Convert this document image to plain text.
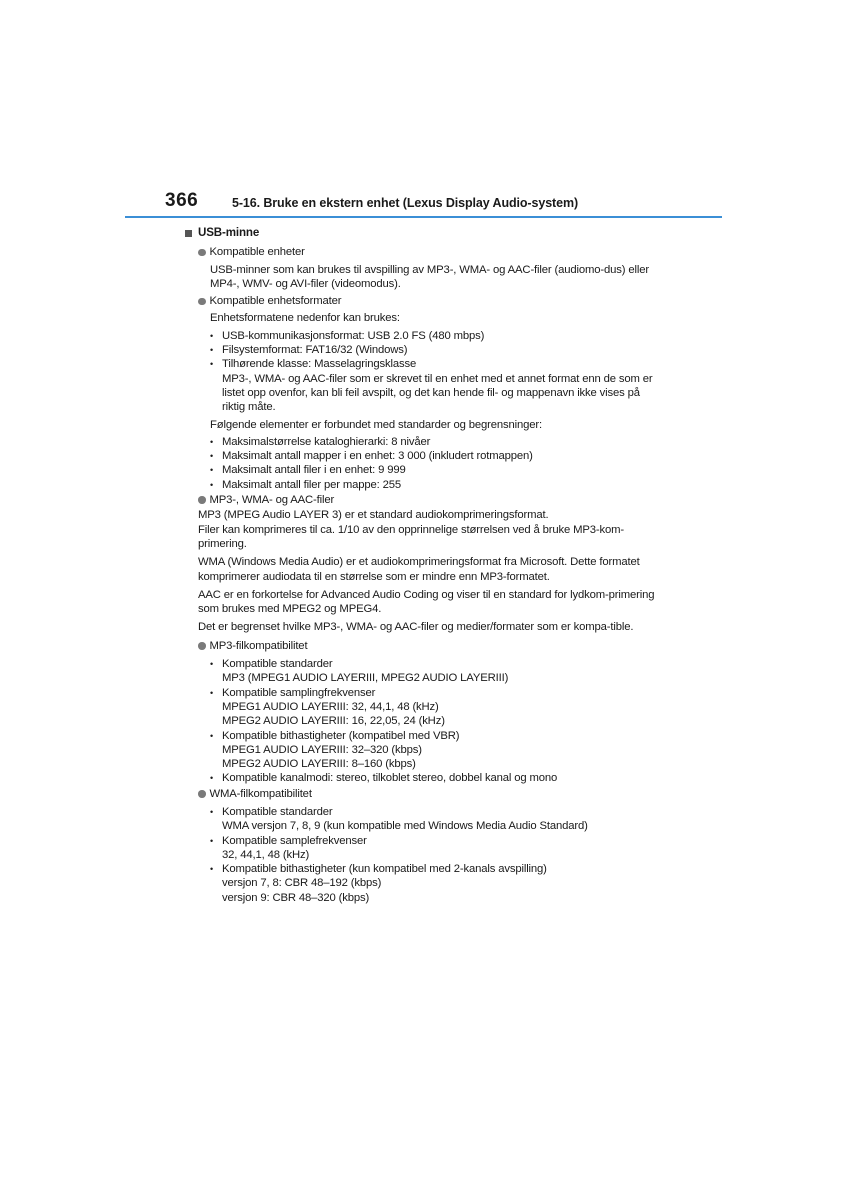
366	5-16. Bruke en ekstern enhet (Lexus Display Audio-system)
USB-minne
Kompatible enheter
USB-minner som kan brukes til avspilling av MP3-, WMA- og AAC-filer (audiomo-dus) eller MP4-, WMV- og AVI-filer (videomodus).
Kompatible enhetsformater
Enhetsformatene nedenfor kan brukes:
• USB-kommunikasjonsformat: USB 2.0 FS (480 mbps)
• Filsystemformat: FAT16/32 (Windows)
• Tilhørende klasse: Masselagringsklasse
MP3-, WMA- og AAC-filer som er skrevet til en enhet med et annet format enn de som er listet opp ovenfor, kan bli feil avspilt, og det kan hende fil- og mappenavn ikke vises på riktig måte.
Følgende elementer er forbundet med standarder og begrensninger:
• Maksimalstørrelse kataloghierarki: 8 nivåer
• Maksimalt antall mapper i en enhet: 3 000 (inkludert rotmappen)
• Maksimalt antall filer i en enhet: 9 999
• Maksimalt antall filer per mappe: 255
MP3-, WMA- og AAC-filer

MP3 (MPEG Audio LAYER 3) er et standard audiokomprimeringsformat.

Filer kan komprimeres til ca. 1/10 av den opprinnelige størrelsen ved å bruke MP3-kom-primering.

WMA (Windows Media Audio) er et audiokomprimeringsformat fra Microsoft. Dette formatet komprimerer audiodata til en størrelse som er mindre enn MP3-formatet.

AAC er en forkortelse for Advanced Audio Coding og viser til en standard for lydkom-primering som brukes med MPEG2 og MPEG4.

Det er begrenset hvilke MP3-, WMA- og AAC-filer og medier/formater som er kompa-tible.

MP3-filkompatibilitet
• Kompatible standarder
MP3 (MPEG1 AUDIO LAYERIII, MPEG2 AUDIO LAYERIII)
• Kompatible samplingfrekvenser
MPEG1 AUDIO LAYERIII: 32, 44,1, 48 (kHz)
MPEG2 AUDIO LAYERIII: 16, 22,05, 24 (kHz)
• Kompatible bithastigheter (kompatibel med VBR)
MPEG1 AUDIO LAYERIII: 32–320 (kbps)
MPEG2 AUDIO LAYERIII: 8–160 (kbps)
• Kompatible kanalmodi: stereo, tilkoblet stereo, dobbel kanal og mono
WMA-filkompatibilitet
• Kompatible standarder
WMA versjon 7, 8, 9 (kun kompatible med Windows Media Audio Standard)
• Kompatible samplefrekvenser
32, 44,1, 48 (kHz)
• Kompatible bithastigheter (kun kompatibel med 2-kanals avspilling)
versjon 7, 8: CBR 48–192 (kbps)
versjon 9: CBR 48–320 (kbps)
